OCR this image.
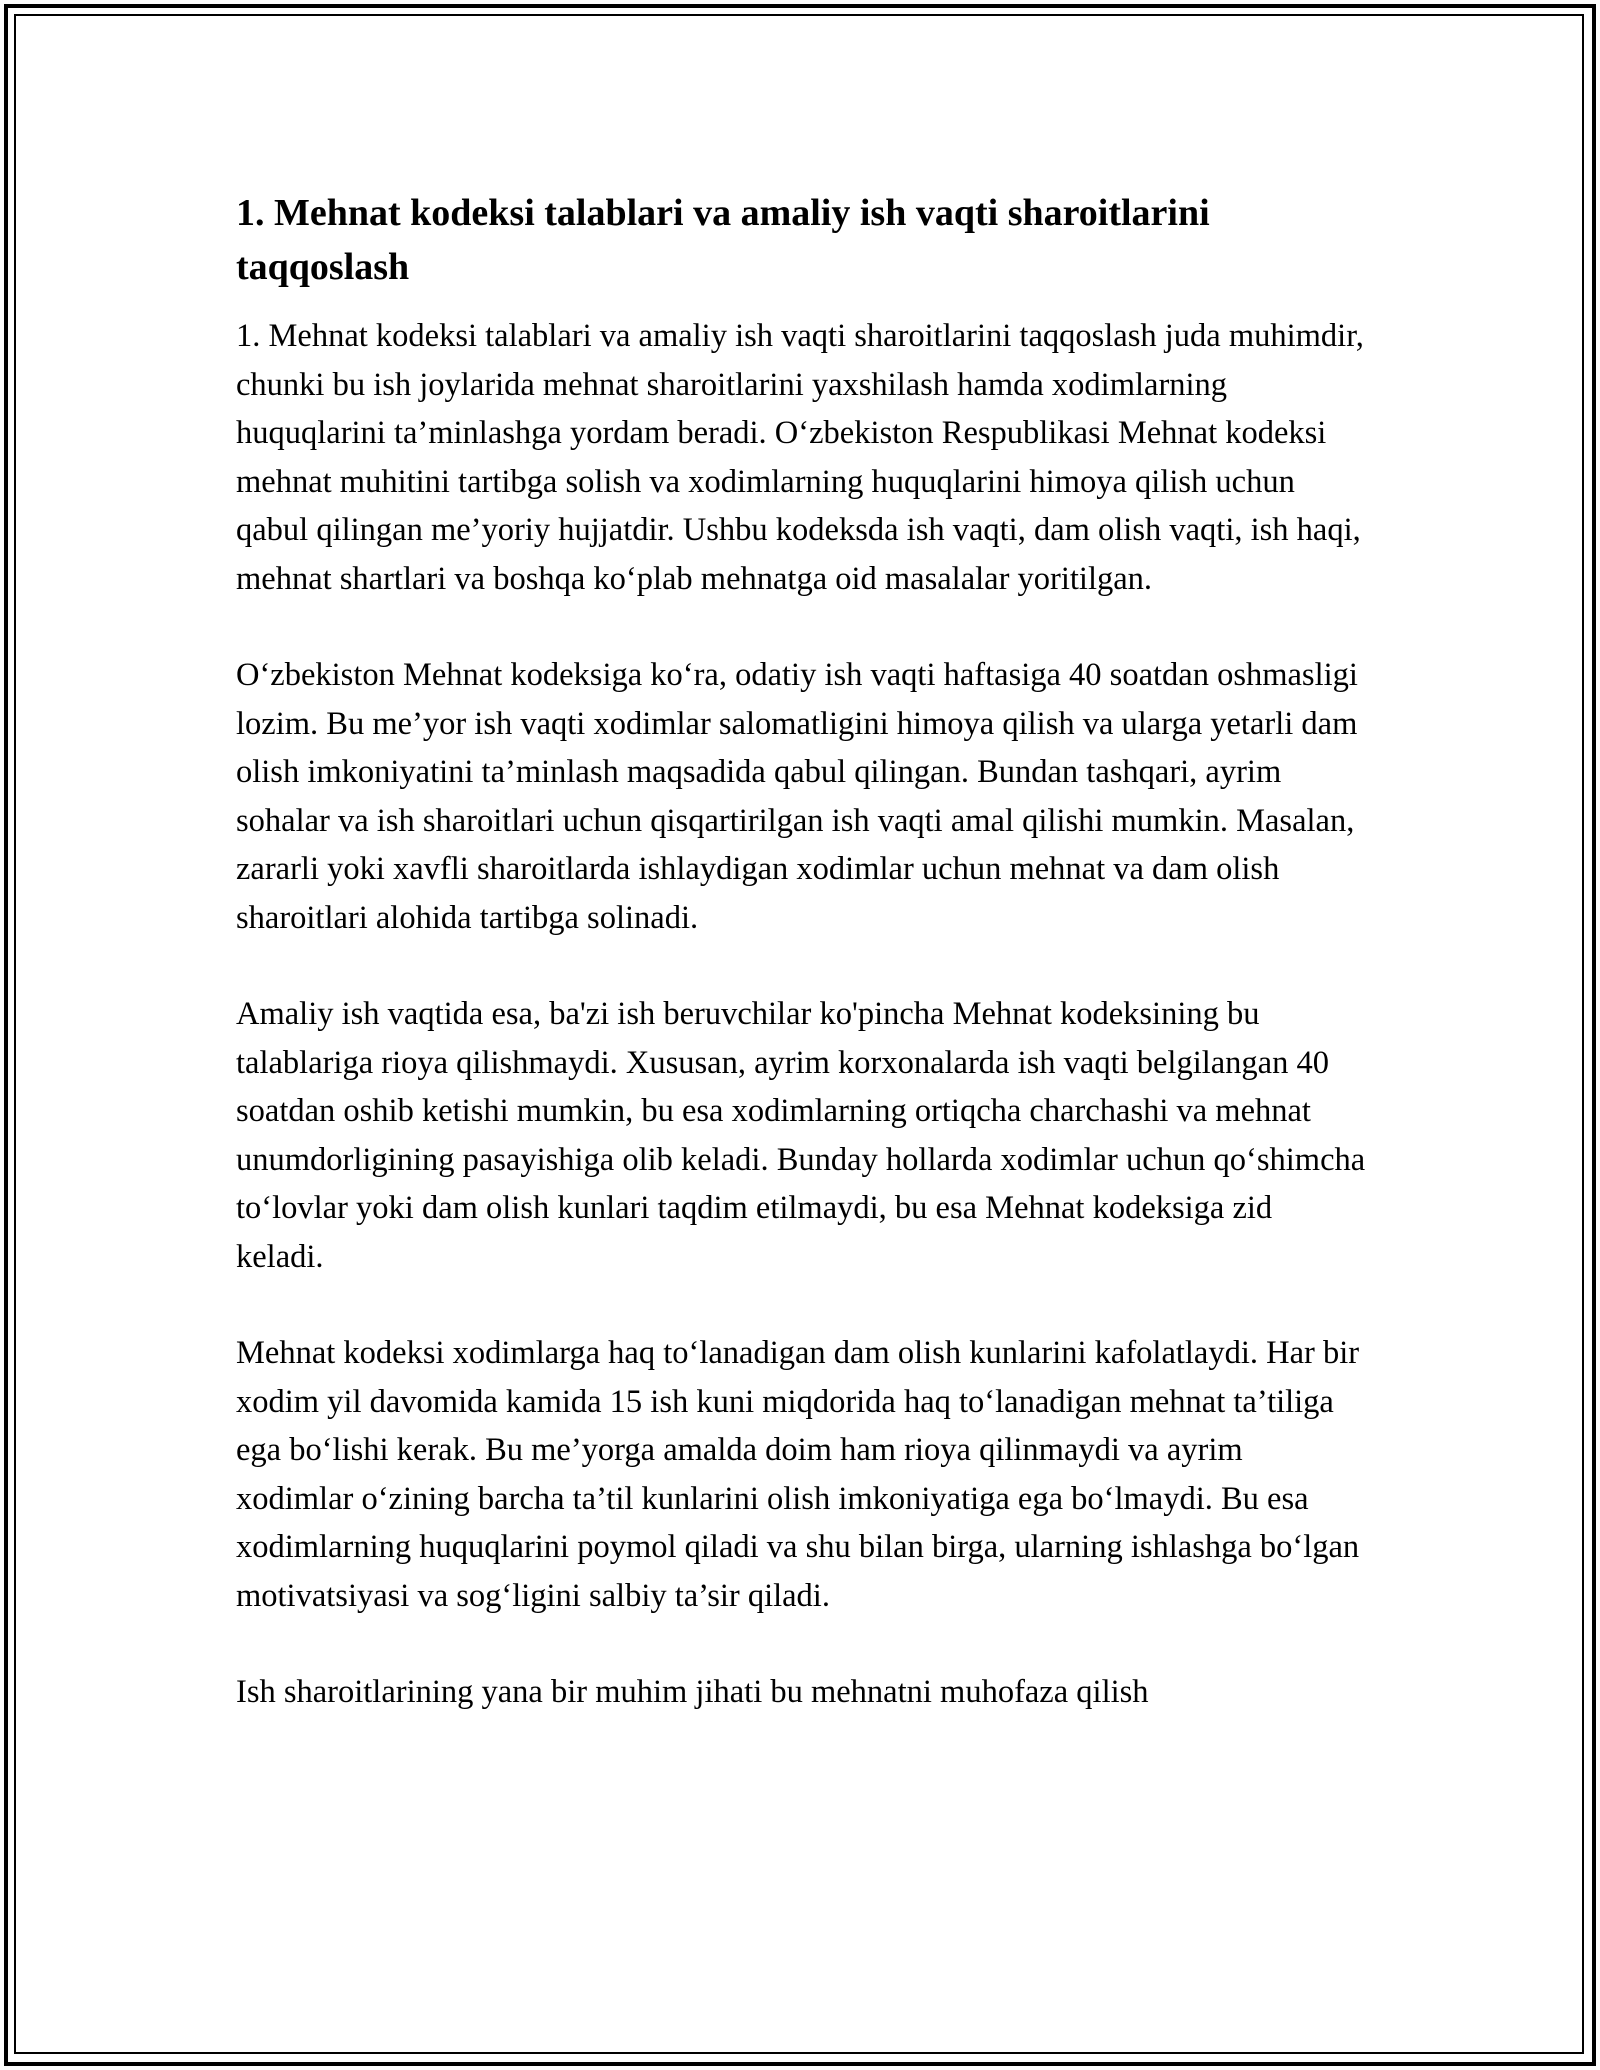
1. Mehnat kodeksi talablari va amaliy ish vaqti sharoitlarini taqqoslash

1. Mehnat kodeksi talablari va amaliy ish vaqti sharoitlarini taqqoslash juda muhimdir, chunki bu ish joylarida mehnat sharoitlarini yaxshilash hamda xodimlarning huquqlarini ta’minlashga yordam beradi. O‘zbekiston Respublikasi Mehnat kodeksi mehnat muhitini tartibga solish va xodimlarning huquqlarini himoya qilish uchun qabul qilingan me’yoriy hujjatdir. Ushbu kodeksda ish vaqti, dam olish vaqti, ish haqi, mehnat shartlari va boshqa ko‘plab mehnatga oid masalalar yoritilgan.

O‘zbekiston Mehnat kodeksiga ko‘ra, odatiy ish vaqti haftasiga 40 soatdan oshmasligi lozim. Bu me’yor ish vaqti xodimlar salomatligini himoya qilish va ularga yetarli dam olish imkoniyatini ta’minlash maqsadida qabul qilingan. Bundan tashqari, ayrim sohalar va ish sharoitlari uchun qisqartirilgan ish vaqti amal qilishi mumkin. Masalan, zararli yoki xavfli sharoitlarda ishlaydigan xodimlar uchun mehnat va dam olish sharoitlari alohida tartibga solinadi.

Amaliy ish vaqtida esa, ba'zi ish beruvchilar ko'pincha Mehnat kodeksining bu talablariga rioya qilishmaydi. Xususan, ayrim korxonalarda ish vaqti belgilangan 40 soatdan oshib ketishi mumkin, bu esa xodimlarning ortiqcha charchashi va mehnat unumdorligining pasayishiga olib keladi. Bunday hollarda xodimlar uchun qo‘shimcha to‘lovlar yoki dam olish kunlari taqdim etilmaydi, bu esa Mehnat kodeksiga zid keladi.

Mehnat kodeksi xodimlarga haq to‘lanadigan dam olish kunlarini kafolatlaydi. Har bir xodim yil davomida kamida 15 ish kuni miqdorida haq to‘lanadigan mehnat ta’tiliga ega bo‘lishi kerak. Bu me’yorga amalda doim ham rioya qilinmaydi va ayrim xodimlar o‘zining barcha ta’til kunlarini olish imkoniyatiga ega bo‘lmaydi. Bu esa xodimlarning huquqlarini poymol qiladi va shu bilan birga, ularning ishlashga bo‘lgan motivatsiyasi va sog‘ligini salbiy ta’sir qiladi.

Ish sharoitlarining yana bir muhim jihati bu mehnatni muhofaza qilish
